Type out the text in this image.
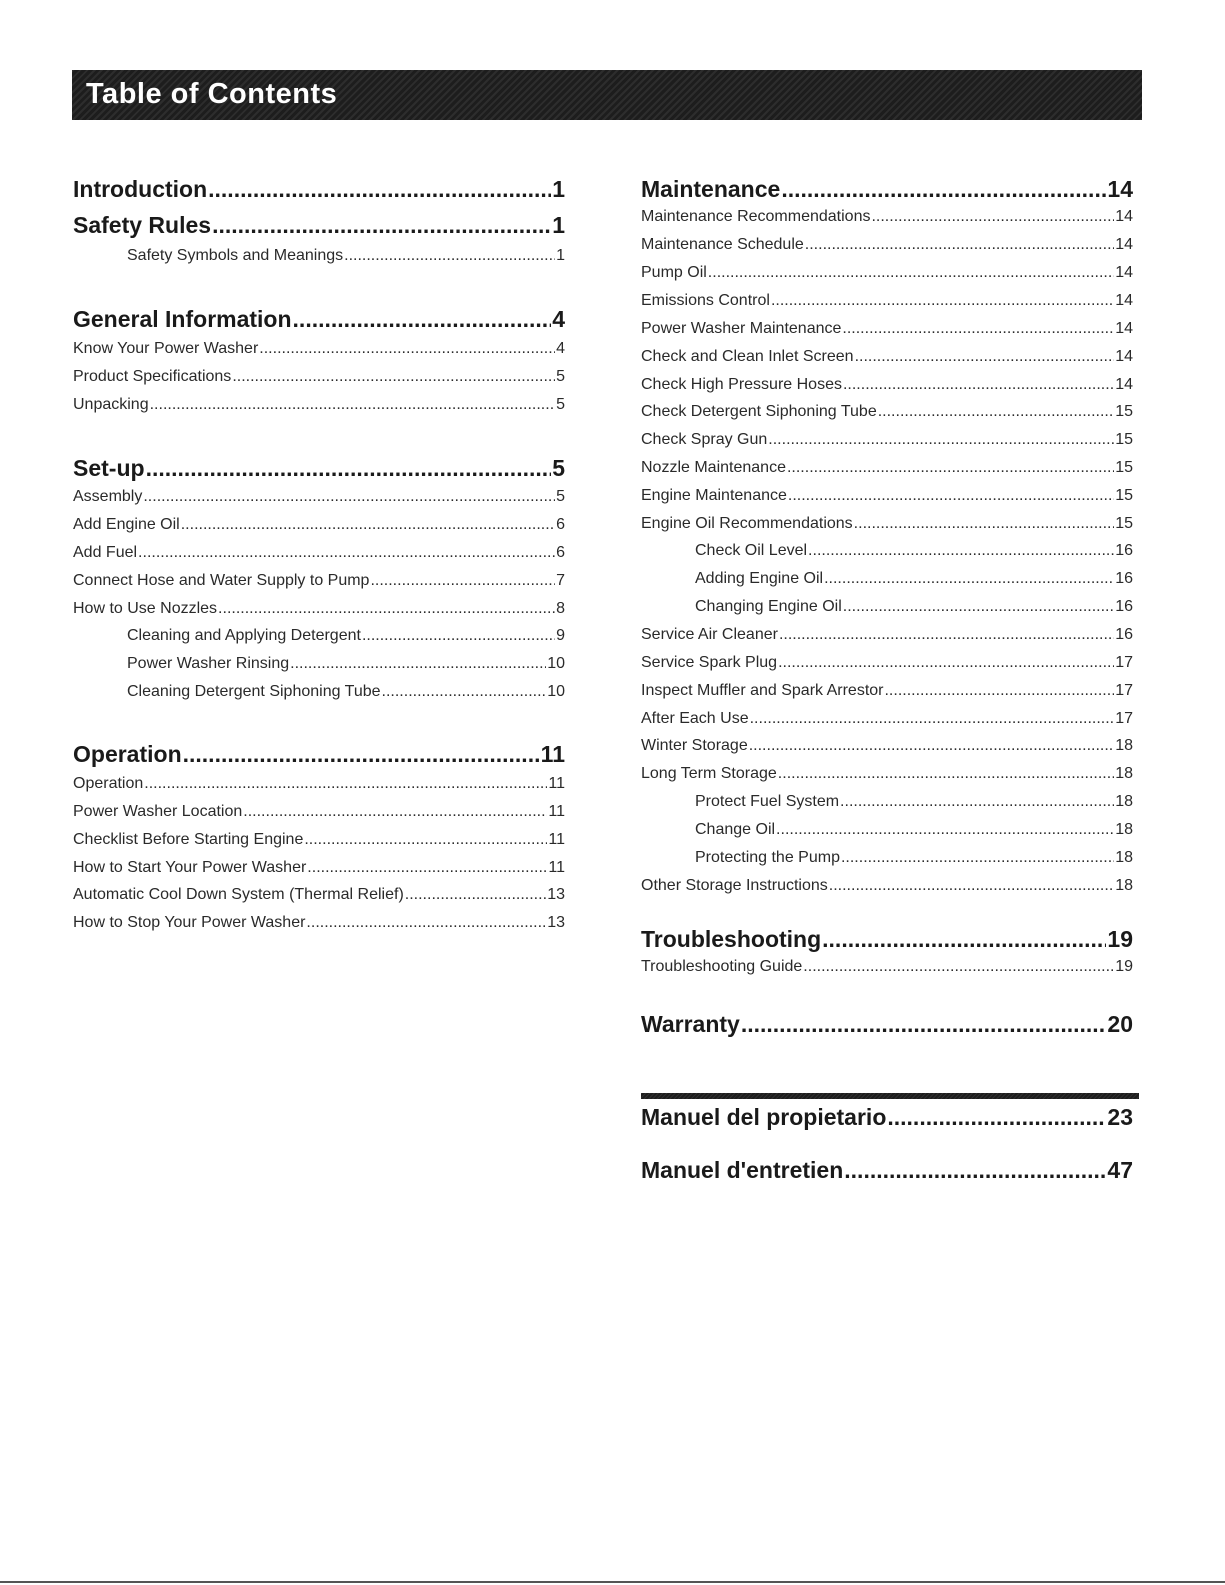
Table of Contents
Introduction .....	1
Safety Rules .....	1
Safety Symbols and Meanings .....	1
General Information .....	4
Know Your Power Washer .....	4
Product Specifications .....	5
Unpacking .....	5
Set-up .....	5
Assembly .....	5
Add Engine Oil .....	6
Add Fuel .....	6
Connect Hose and Water Supply to Pump .....	7
How to Use Nozzles .....	8
Cleaning and Applying Detergent .....	9
Power Washer Rinsing .....	10
Cleaning Detergent Siphoning Tube .....	10
Operation .....	11
Operation .....	11
Power Washer Location .....	11
Checklist Before Starting Engine .....	11
How to Start Your Power Washer .....	11
Automatic Cool Down System (Thermal Relief) .....	13
How to Stop Your Power Washer .....	13
Maintenance .....	14
Maintenance Recommendations .....	14
Maintenance Schedule .....	14
Pump Oil .....	14
Emissions Control .....	14
Power Washer Maintenance .....	14
Check and Clean Inlet Screen .....	14
Check High Pressure Hoses .....	14
Check Detergent Siphoning Tube .....	15
Check Spray Gun .....	15
Nozzle Maintenance .....	15
Engine Maintenance .....	15
Engine Oil Recommendations .....	15
Check Oil Level .....	16
Adding Engine Oil .....	16
Changing Engine Oil .....	16
Service Air Cleaner .....	16
Service Spark Plug .....	17
Inspect Muffler and Spark Arrestor .....	17
After Each Use .....	17
Winter Storage .....	18
Long Term Storage .....	18
Protect Fuel System .....	18
Change Oil .....	18
Protecting the Pump .....	18
Other Storage Instructions .....	18
Troubleshooting .....	19
Troubleshooting Guide .....	19
Warranty .....	20
Manuel del propietario .....	23
Manuel d'entretien .....	47
